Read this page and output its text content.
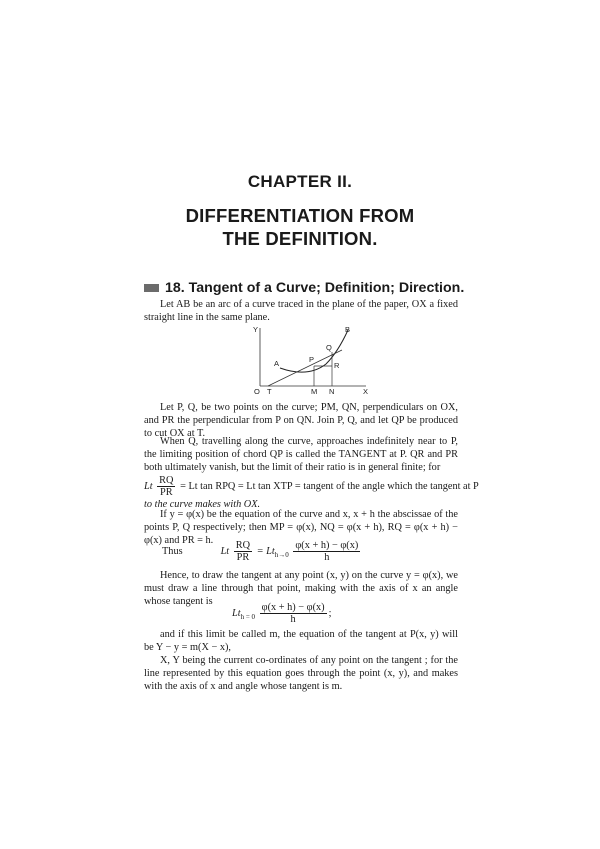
CHAPTER II.
DIFFERENTIATION FROM
THE DEFINITION.
18. Tangent of a Curve; Definition; Direction.

Let AB be an arc of a curve traced in the plane of the paper, OX a fixed straight line in the same plane.

Y	B
Q
A	P
R
O T	M N	X

Let P, Q, be two points on the curve; PM, QN, perpendiculars on OX, and PR the perpendicular from P on QN. Join P, Q, and let QP be produced to cut OX at T.

When Q, travelling along the curve, approaches indefinitely near to P, the limiting position of chord QP is called the TANGENT at P. QR and PR both ultimately vanish, but the limit of their ratio is in general finite; for

Lt $\frac{RQ}{PR} = Lt$ tan RPQ = Lt tan XTP = tangent of the angle which the tangent at P

to the curve makes with OX.

If y = φ(x) be the equation of the curve and x, x + h the abscissae of the points P, Q respectively; then MP = φ(x), NQ = φ(x + h), RQ = φ(x + h) − φ(x) and PR = h.

Thus	Lt $\frac{RQ}{PR} = Lt_{h\to 0} \frac{\varphi(x + h) - \varphi(x)}{h}$

Hence, to draw the tangent at any point (x, y) on the curve y = φ(x), we must draw a line through that point, making with the axis of x an angle whose tangent is

$Lt_{h = 0} \frac{\varphi(x + h) - \varphi(x)}{h}$ ;

and if this limit be called m, the equation of the tangent at P(x, y) will be Y − y = m(X − x),

X, Y being the current co-ordinates of any point on the tangent ; for the line represented by this equation goes through the point (x, y), and makes with the axis of x and angle whose tangent is m.
